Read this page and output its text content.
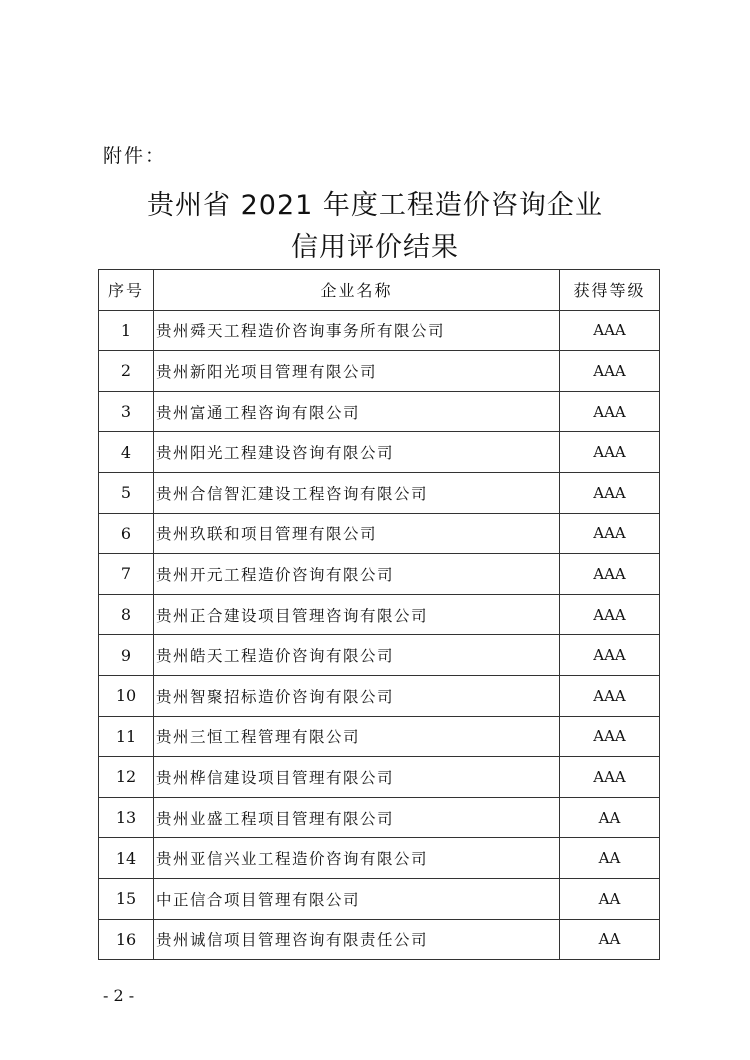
附件：
贵州省 2021 年度工程造价咨询企业
信用评价结果
序号	企业名称	获得等级
1	贵州舜天工程造价咨询事务所有限公司	AAA
2	贵州新阳光项目管理有限公司	AAA
3	贵州富通工程咨询有限公司	AAA
4	贵州阳光工程建设咨询有限公司	AAA
5	贵州合信智汇建设工程咨询有限公司	AAA
6	贵州玖联和项目管理有限公司	AAA
7	贵州开元工程造价咨询有限公司	AAA
8	贵州正合建设项目管理咨询有限公司	AAA
9	贵州皓天工程造价咨询有限公司	AAA
10	贵州智聚招标造价咨询有限公司	AAA
11	贵州三恒工程管理有限公司	AAA
12	贵州桦信建设项目管理有限公司	AAA
13	贵州业盛工程项目管理有限公司	AA
14	贵州亚信兴业工程造价咨询有限公司	AA
15	中正信合项目管理有限公司	AA
16	贵州诚信项目管理咨询有限责任公司	AA
- 2 -
